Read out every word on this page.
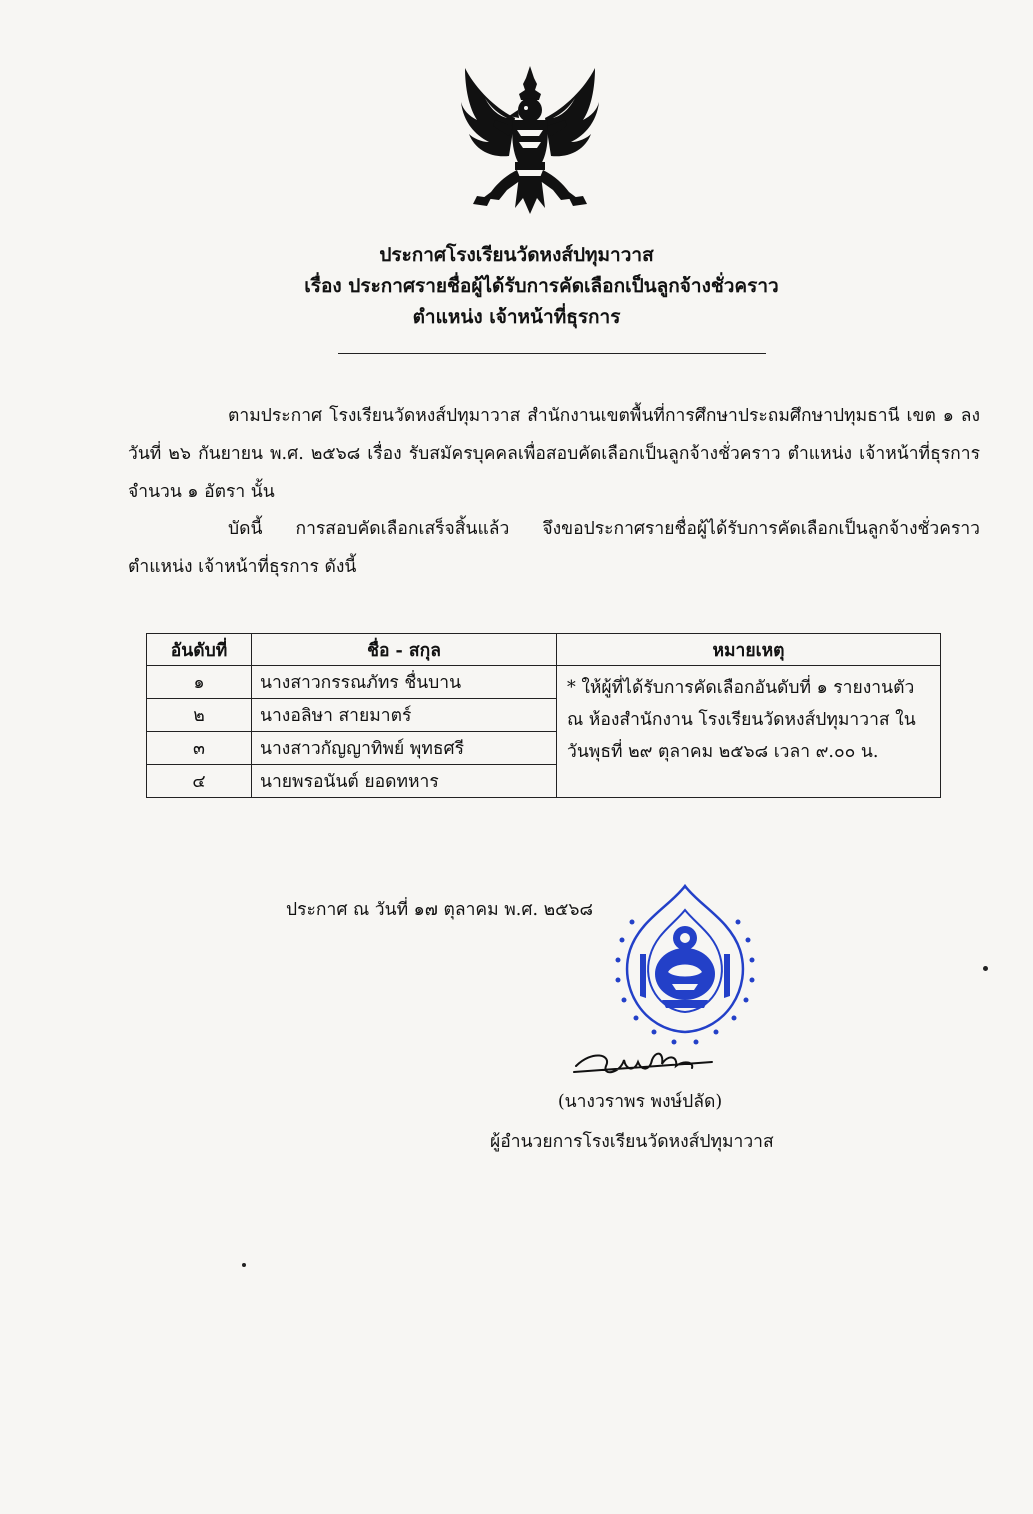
ประกาศโรงเรียนวัดหงส์ปทุมาวาส
เรื่อง ประกาศรายชื่อผู้ได้รับการคัดเลือกเป็นลูกจ้างชั่วคราว
ตำแหน่ง เจ้าหน้าที่ธุรการ
ตามประกาศ โรงเรียนวัดหงส์ปทุมาวาส สำนักงานเขตพื้นที่การศึกษาประถมศึกษาปทุมธานี เขต ๑ ลงวันที่ ๒๖ กันยายน พ.ศ. ๒๕๖๘ เรื่อง รับสมัครบุคคลเพื่อสอบคัดเลือกเป็นลูกจ้างชั่วคราว ตำแหน่ง เจ้าหน้าที่ธุรการ จำนวน ๑ อัตรา นั้น
บัดนี้ การสอบคัดเลือกเสร็จสิ้นแล้ว จึงขอประกาศรายชื่อผู้ได้รับการคัดเลือกเป็นลูกจ้างชั่วคราว ตำแหน่ง เจ้าหน้าที่ธุรการ ดังนี้
อันดับที่	ชื่อ - สกุล	หมายเหตุ
๑	นางสาวกรรณภัทร ชื่นบาน	* ให้ผู้ที่ได้รับการคัดเลือกอันดับที่ ๑ รายงานตัว ณ ห้องสำนักงาน โรงเรียนวัดหงส์ปทุมาวาส ในวันพุธที่ ๒๙ ตุลาคม ๒๕๖๘ เวลา ๙.๐๐ น.
๒	นางอลิษา สายมาตร์	
๓	นางสาวกัญญาทิพย์ พุทธศรี	
๔	นายพรอนันต์ ยอดทหาร	
ประกาศ ณ วันที่ ๑๗ ตุลาคม พ.ศ. ๒๕๖๘
(นางวราพร พงษ์ปลัด)
ผู้อำนวยการโรงเรียนวัดหงส์ปทุมาวาส
